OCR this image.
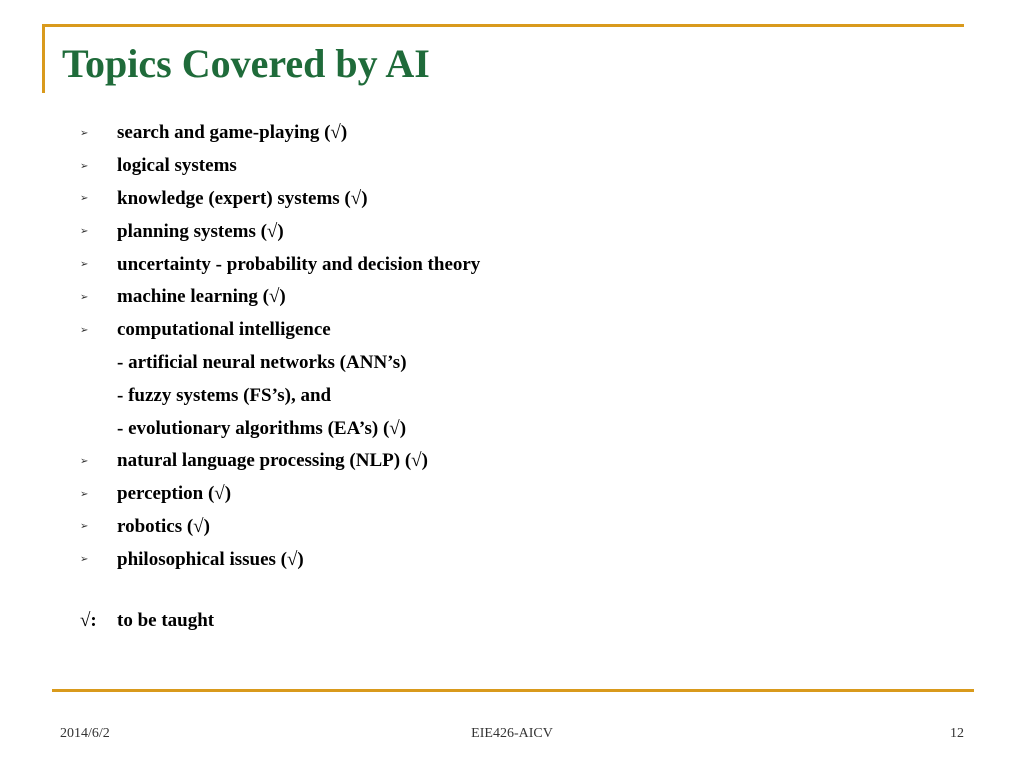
Topics Covered by AI
➢	search and game-playing (√)
➢	logical systems
➢	knowledge (expert) systems (√)
➢	planning systems (√)
➢	uncertainty - probability and decision theory
➢	machine learning (√)
➢	computational intelligence
- artificial neural networks (ANN’s)
- fuzzy systems (FS’s), and
- evolutionary algorithms (EA’s) (√)
➢	natural language processing (NLP) (√)
➢	perception (√)
➢	robotics (√)
➢	philosophical issues (√)
√:	to be taught
2014/6/2	EIE426-AICV	12
